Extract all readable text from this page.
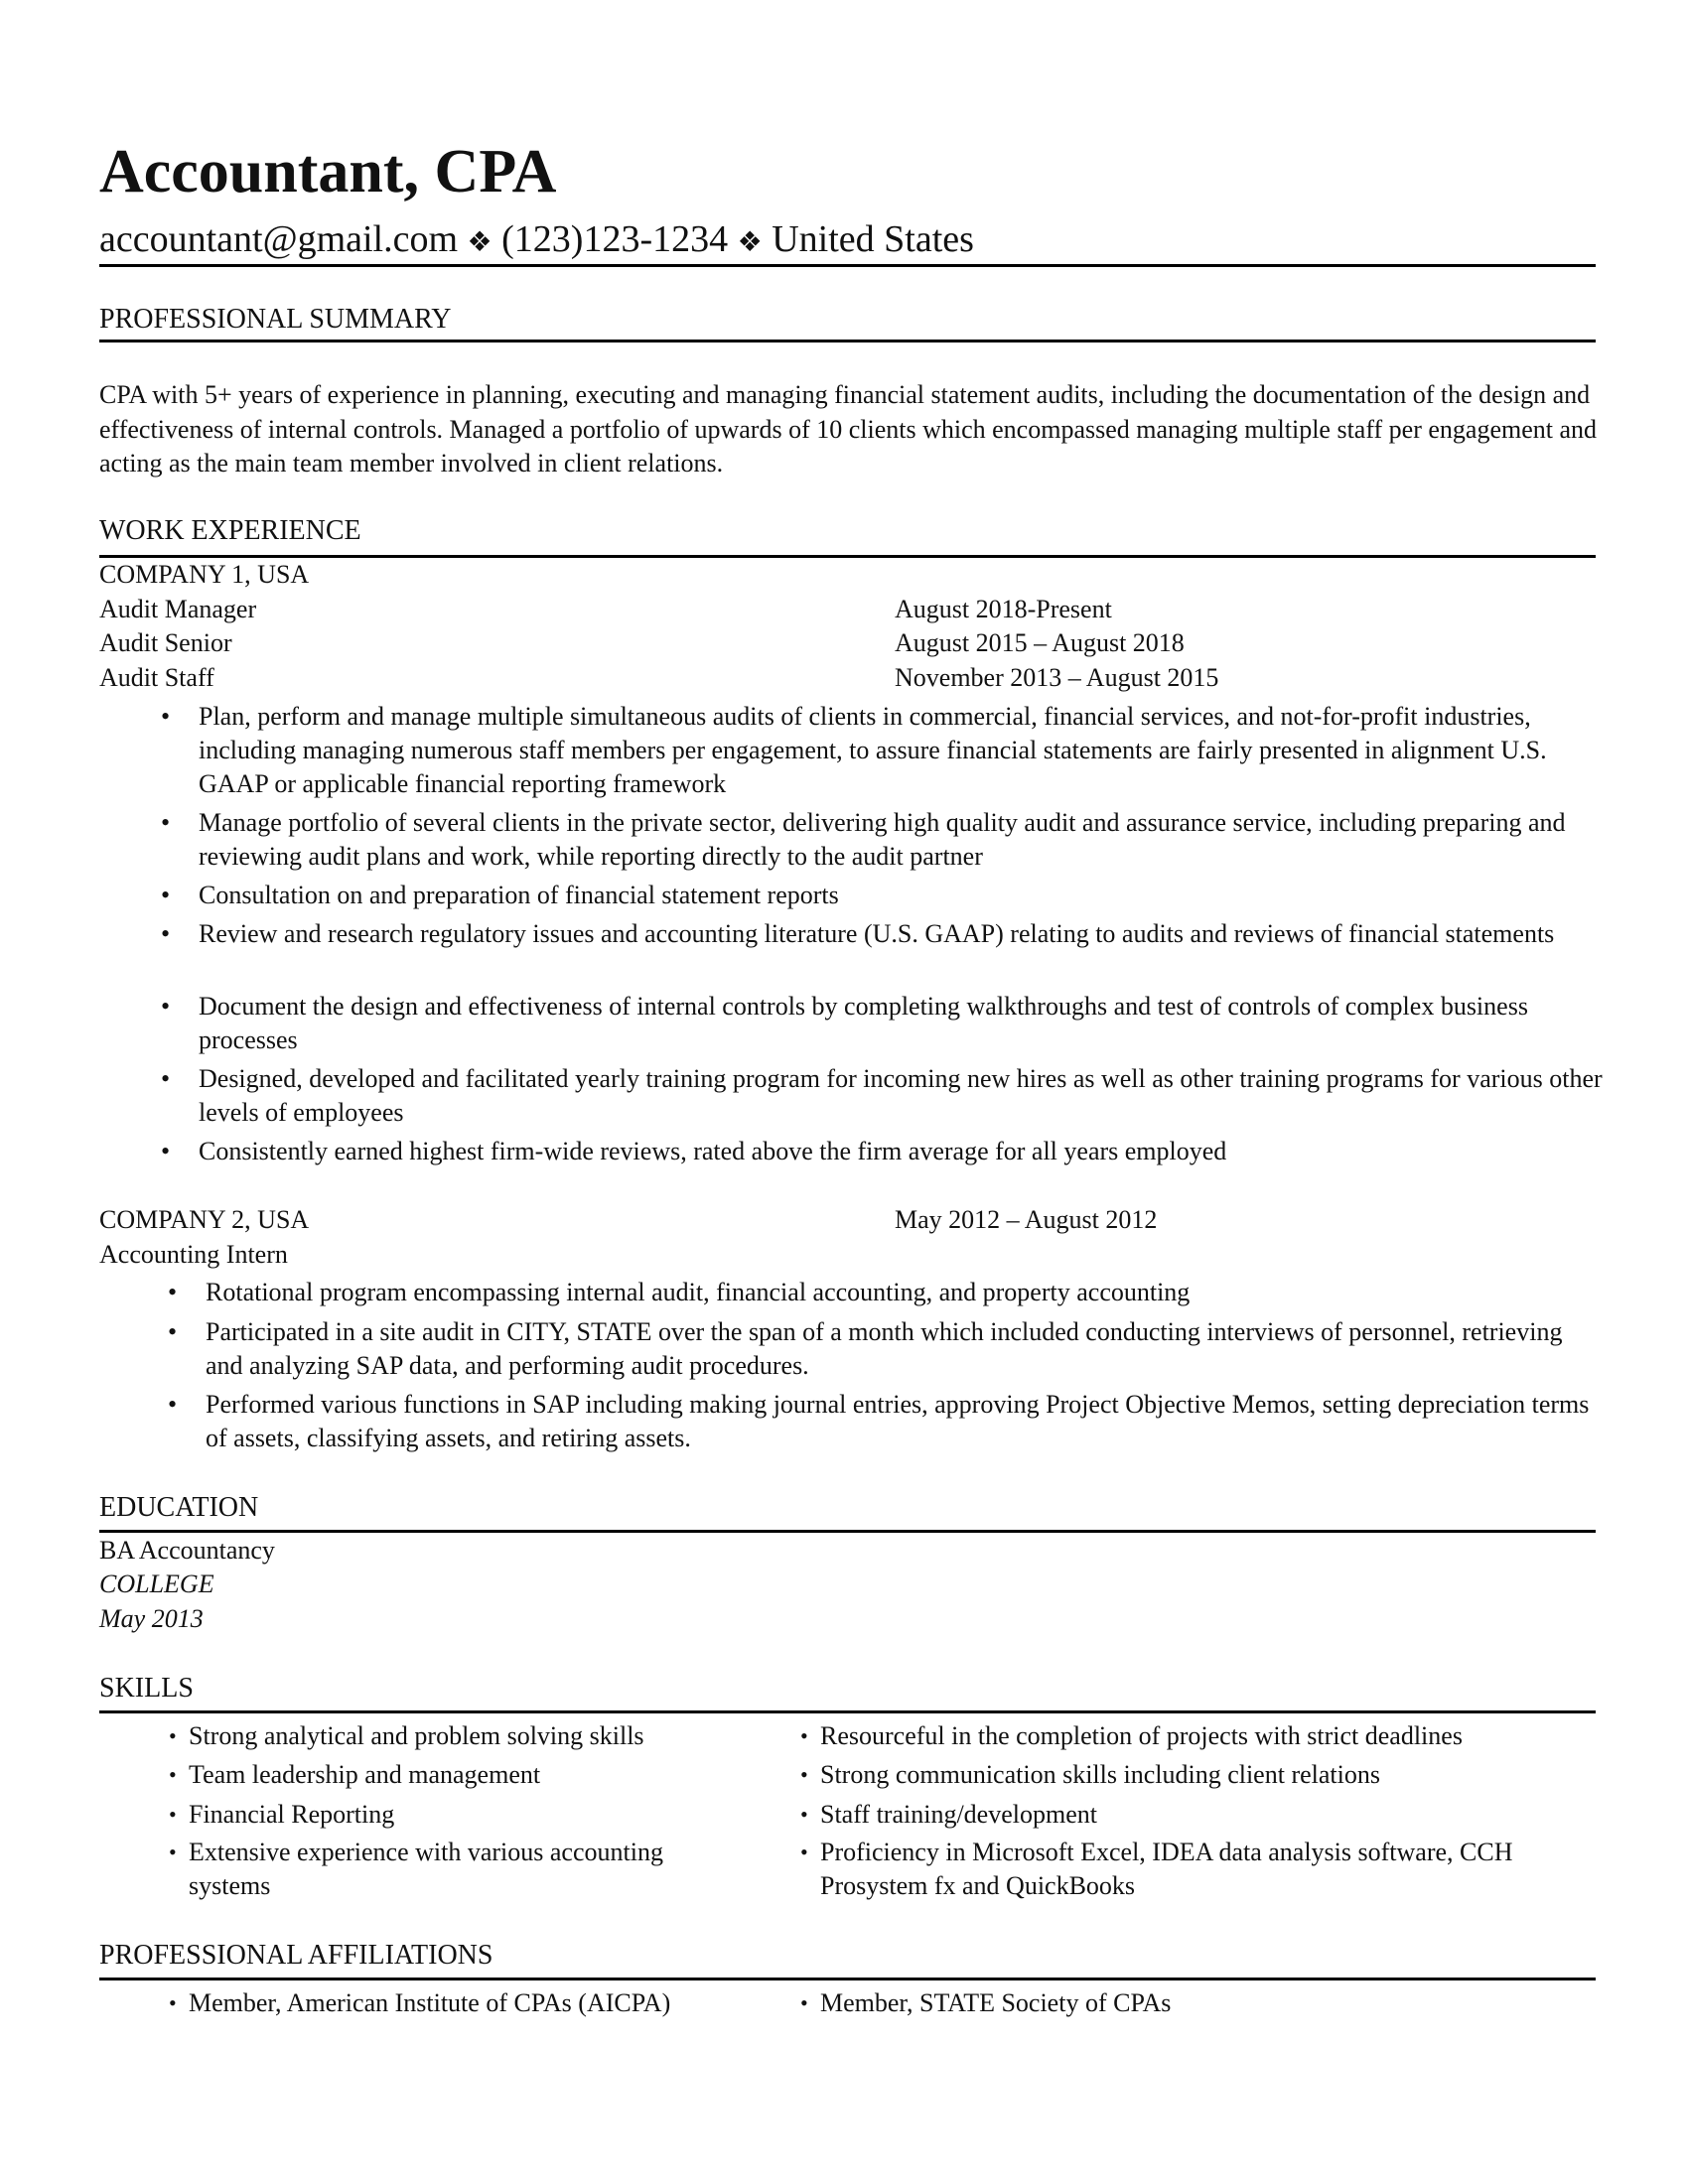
Accountant, CPA
accountant@gmail.com ❖ (123)123-1234 ❖ United States
PROFESSIONAL SUMMARY
CPA with 5+ years of experience in planning, executing and managing financial statement audits, including the documentation of the design and effectiveness of internal controls. Managed a portfolio of upwards of 10 clients which encompassed managing multiple staff per engagement and acting as the main team member involved in client relations.
WORK EXPERIENCE
COMPANY 1, USA
Audit Manager	August 2018-Present
Audit Senior	August 2015 – August 2018
Audit Staff	November 2013 – August 2015
• Plan, perform and manage multiple simultaneous audits of clients in commercial, financial services, and not-for-profit industries, including managing numerous staff members per engagement, to assure financial statements are fairly presented in alignment U.S. GAAP or applicable financial reporting framework
• Manage portfolio of several clients in the private sector, delivering high quality audit and assurance service, including preparing and reviewing audit plans and work, while reporting directly to the audit partner
• Consultation on and preparation of financial statement reports
• Review and research regulatory issues and accounting literature (U.S. GAAP) relating to audits and reviews of financial statements
• Document the design and effectiveness of internal controls by completing walkthroughs and test of controls of complex business processes
• Designed, developed and facilitated yearly training program for incoming new hires as well as other training programs for various other levels of employees
• Consistently earned highest firm-wide reviews, rated above the firm average for all years employed
COMPANY 2, USA	May 2012 – August 2012
Accounting Intern
• Rotational program encompassing internal audit, financial accounting, and property accounting
• Participated in a site audit in CITY, STATE over the span of a month which included conducting interviews of personnel, retrieving and analyzing SAP data, and performing audit procedures.
• Performed various functions in SAP including making journal entries, approving Project Objective Memos, setting depreciation terms of assets, classifying assets, and retiring assets.
EDUCATION
BA Accountancy
COLLEGE
May 2013
SKILLS
• Strong analytical and problem solving skills
• Team leadership and management
• Financial Reporting
• Extensive experience with various accounting systems
• Resourceful in the completion of projects with strict deadlines
• Strong communication skills including client relations
• Staff training/development
• Proficiency in Microsoft Excel, IDEA data analysis software, CCH Prosystem fx and QuickBooks
PROFESSIONAL AFFILIATIONS
• Member, American Institute of CPAs (AICPA)	• Member, STATE Society of CPAs
